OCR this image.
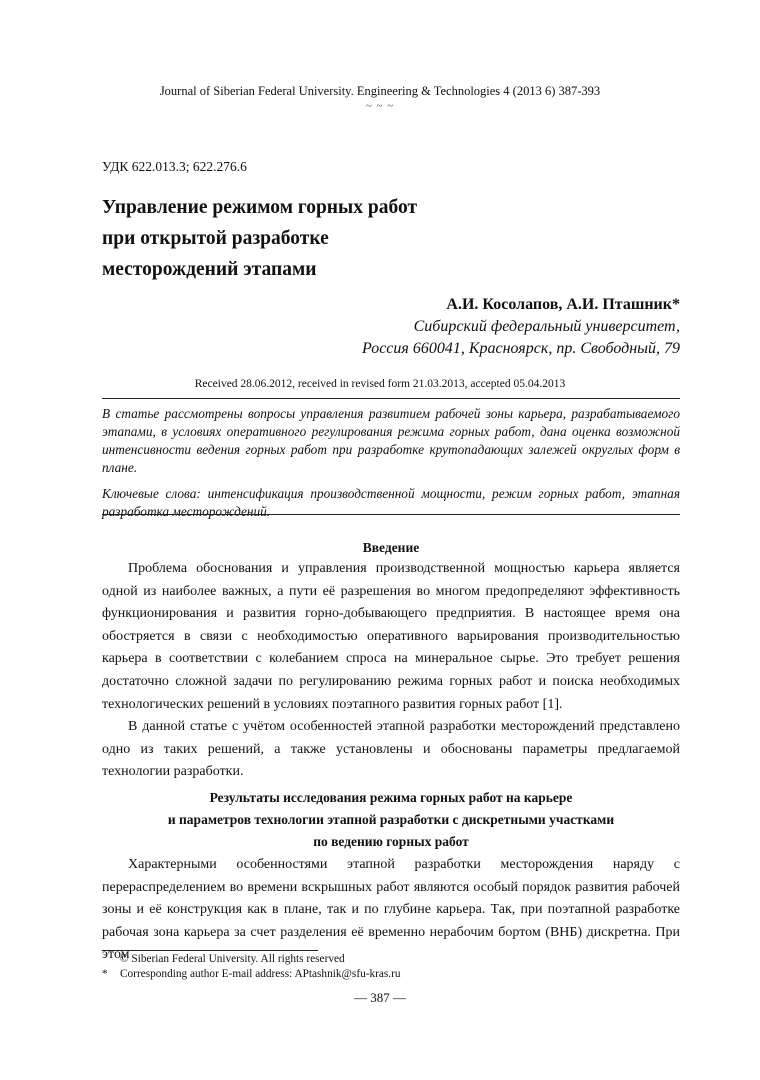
Journal of Siberian Federal University. Engineering & Technologies 4 (2013 6) 387-393
~ ~ ~
УДК 622.013.3; 622.276.6
Управление режимом горных работ
при открытой разработке
месторождений этапами
А.И. Косолапов, А.И. Пташник*
Сибирский федеральный университет,
Россия 660041, Красноярск, пр. Свободный, 79
Received 28.06.2012, received in revised form 21.03.2013, accepted 05.04.2013

В статье рассмотрены вопросы управления развитием рабочей зоны карьера, разрабатываемого этапами, в условиях оперативного регулирования режима горных работ, дана оценка возможной интенсивности ведения горных работ при разработке крутопадающих залежей округлых форм в плане.

Ключевые слова: интенсификация производственной мощности, режим горных работ, этапная разработка месторождений.

Введение

Проблема обоснования и управления производственной мощностью карьера является одной из наиболее важных, а пути её разрешения во многом предопределяют эффективность функционирования и развития горно-добывающего предприятия. В настоящее время она обостряется в связи с необходимостью оперативного варьирования производительностью карьера в соответствии с колебанием спроса на минеральное сырье. Это требует решения достаточно сложной задачи по регулированию режима горных работ и поиска необходимых технологических решений в условиях поэтапного развития горных работ [1].

В данной статье с учётом особенностей этапной разработки месторождений представлено одно из таких решений, а также установлены и обоснованы параметры предлагаемой технологии разработки.

Результаты исследования режима горных работ на карьере
и параметров технологии этапной разработки с дискретными участками
по ведению горных работ

Характерными особенностями этапной разработки месторождения наряду с перераспределением во времени вскрышных работ являются особый порядок развития рабочей зоны и её конструкция как в плане, так и по глубине карьера. Так, при поэтапной разработке рабочая зона карьера за счет разделения её временно нерабочим бортом (ВНБ) дискретна. При этом

© Siberian Federal University. All rights reserved
* Corresponding author E-mail address: APtashnik@sfu-kras.ru
— 387 —
